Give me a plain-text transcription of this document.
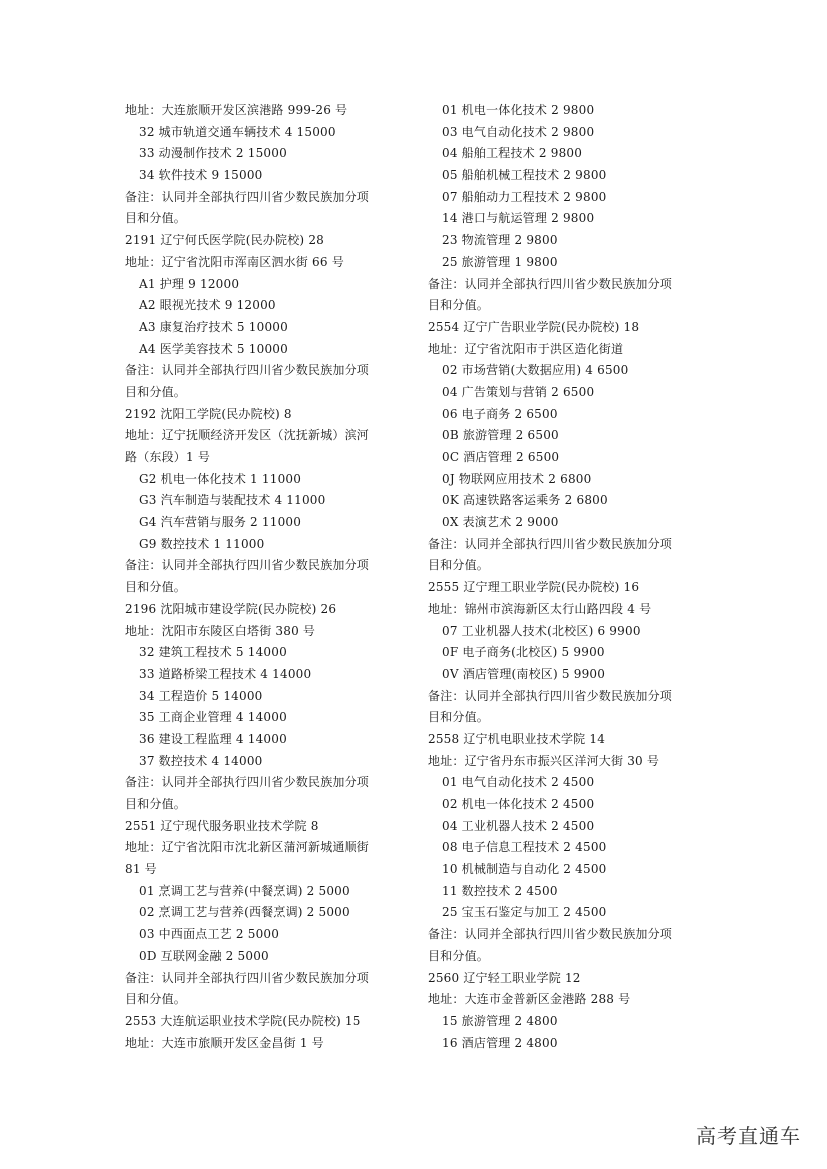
地址：大连旅顺开发区滨港路 999-26 号
32 城市轨道交通车辆技术 4 15000
33 动漫制作技术 2 15000
34 软件技术 9 15000
备注：认同并全部执行四川省少数民族加分项
目和分值。
2191 辽宁何氏医学院(民办院校) 28
地址：辽宁省沈阳市浑南区泗水街 66 号
A1 护理 9 12000
A2 眼视光技术 9 12000
A3 康复治疗技术 5 10000
A4 医学美容技术 5 10000
备注：认同并全部执行四川省少数民族加分项
目和分值。
2192 沈阳工学院(民办院校) 8
地址：辽宁抚顺经济开发区（沈抚新城）滨河
路（东段）1 号
G2 机电一体化技术 1 11000
G3 汽车制造与装配技术 4 11000
G4 汽车营销与服务 2 11000
G9 数控技术 1 11000
备注：认同并全部执行四川省少数民族加分项
目和分值。
2196 沈阳城市建设学院(民办院校) 26
地址：沈阳市东陵区白塔街 380 号
32 建筑工程技术 5 14000
33 道路桥梁工程技术 4 14000
34 工程造价 5 14000
35 工商企业管理 4 14000
36 建设工程监理 4 14000
37 数控技术 4 14000
备注：认同并全部执行四川省少数民族加分项
目和分值。
2551 辽宁现代服务职业技术学院 8
地址：辽宁省沈阳市沈北新区蒲河新城通顺街
81 号
01 烹调工艺与营养(中餐烹调) 2 5000
02 烹调工艺与营养(西餐烹调) 2 5000
03 中西面点工艺 2 5000
0D 互联网金融 2 5000
备注：认同并全部执行四川省少数民族加分项
目和分值。
2553 大连航运职业技术学院(民办院校) 15
地址：大连市旅顺开发区金昌街 1 号
01 机电一体化技术 2 9800
03 电气自动化技术 2 9800
04 船舶工程技术 2 9800
05 船舶机械工程技术 2 9800
07 船舶动力工程技术 2 9800
14 港口与航运管理 2 9800
23 物流管理 2 9800
25 旅游管理 1 9800
备注：认同并全部执行四川省少数民族加分项
目和分值。
2554 辽宁广告职业学院(民办院校) 18
地址：辽宁省沈阳市于洪区造化街道
02 市场营销(大数据应用) 4 6500
04 广告策划与营销 2 6500
06 电子商务 2 6500
0B 旅游管理 2 6500
0C 酒店管理 2 6500
0J 物联网应用技术 2 6800
0K 高速铁路客运乘务 2 6800
0X 表演艺术 2 9000
备注：认同并全部执行四川省少数民族加分项
目和分值。
2555 辽宁理工职业学院(民办院校) 16
地址：锦州市滨海新区太行山路四段 4 号
07 工业机器人技术(北校区) 6 9900
0F 电子商务(北校区) 5 9900
0V 酒店管理(南校区) 5 9900
备注：认同并全部执行四川省少数民族加分项
目和分值。
2558 辽宁机电职业技术学院 14
地址：辽宁省丹东市振兴区洋河大街 30 号
01 电气自动化技术 2 4500
02 机电一体化技术 2 4500
04 工业机器人技术 2 4500
08 电子信息工程技术 2 4500
10 机械制造与自动化 2 4500
11 数控技术 2 4500
25 宝玉石鉴定与加工 2 4500
备注：认同并全部执行四川省少数民族加分项
目和分值。
2560 辽宁轻工职业学院 12
地址：大连市金普新区金港路 288 号
15 旅游管理 2 4800
16 酒店管理 2 4800
高考直通车
